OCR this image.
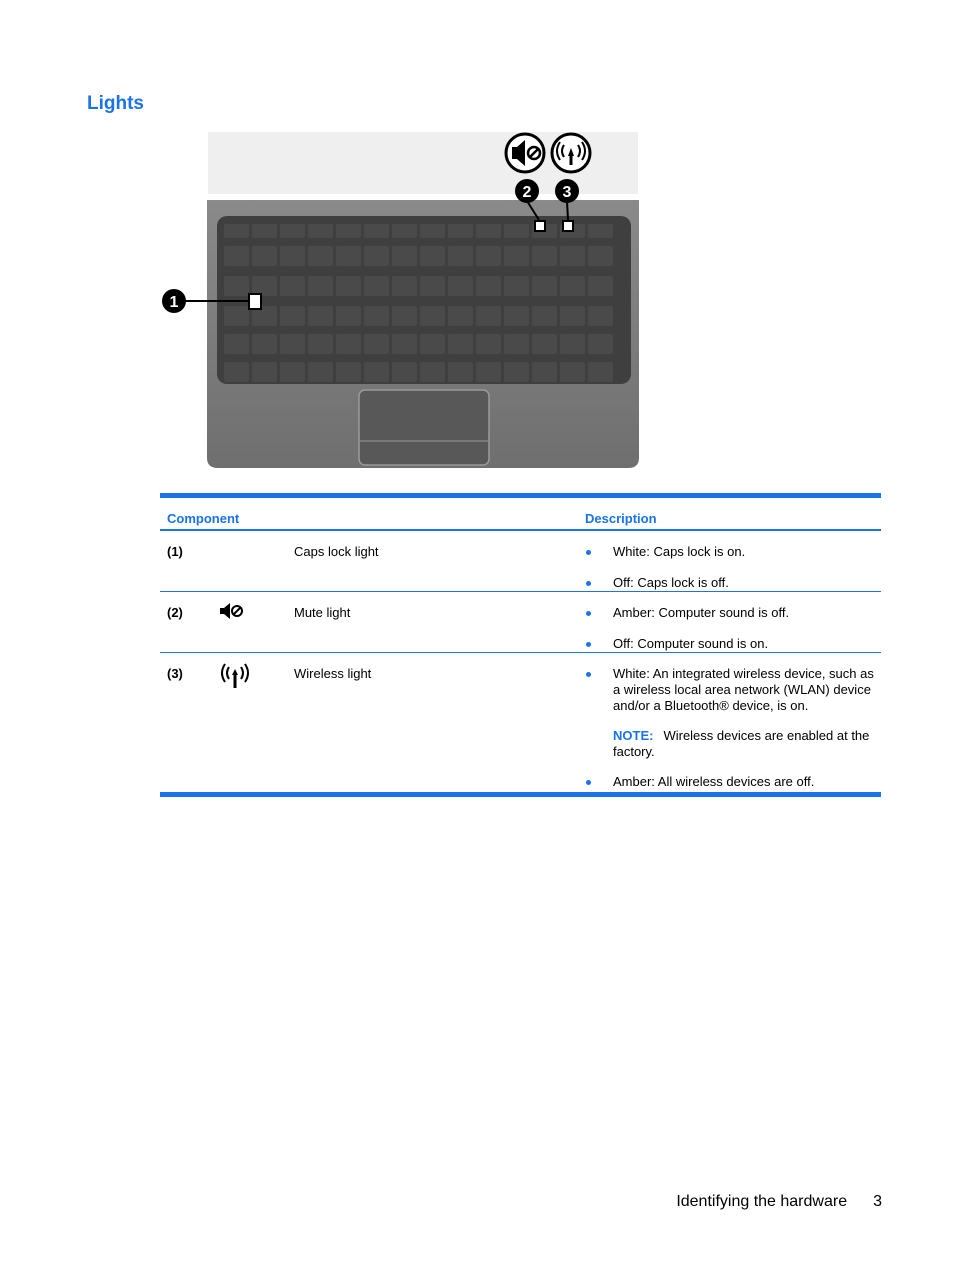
Lights
2 3
1
Component	Description
(1)	Caps lock light	White: Caps lock is on.
Off: Caps lock is off.
(2)	Mute light	Amber: Computer sound is off.
Off: Computer sound is on.
(3)	Wireless light	White: An integrated wireless device, such as a wireless local area network (WLAN) device and/or a Bluetooth® device, is on.
NOTE: Wireless devices are enabled at the factory.
Amber: All wireless devices are off.
Identifying the hardware 3
